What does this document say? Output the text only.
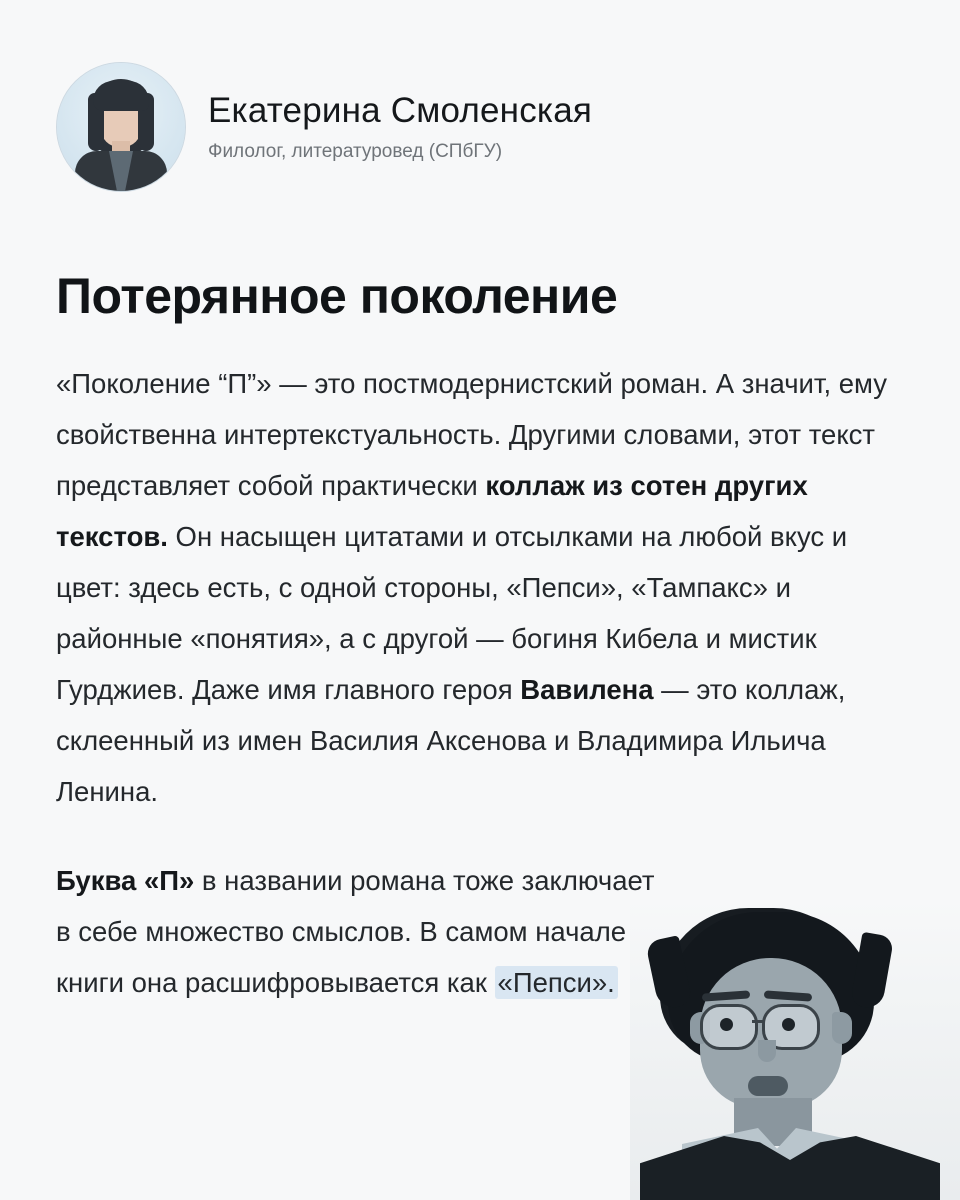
Екатерина Смоленская
Филолог, литературовед (СПбГУ)
Потерянное поколение

«Поколение “П”» — это постмодернистский роман. А значит, ему свойственна интертекстуальность. Другими словами, этот текст представляет собой практически коллаж из сотен других текстов. Он насыщен цитатами и отсылками на любой вкус и цвет: здесь есть, с одной стороны, «Пепси», «Тампакс» и районные «понятия», а с другой — богиня Кибела и мистик Гурджиев. Даже имя главного героя Вавилена — это коллаж, склеенный из имен Василия Аксенова и Владимира Ильича Ленина.

Буква «П» в названии романа тоже заключает в себе множество смыслов. В самом начале книги она расшифровывается как «Пепси».
